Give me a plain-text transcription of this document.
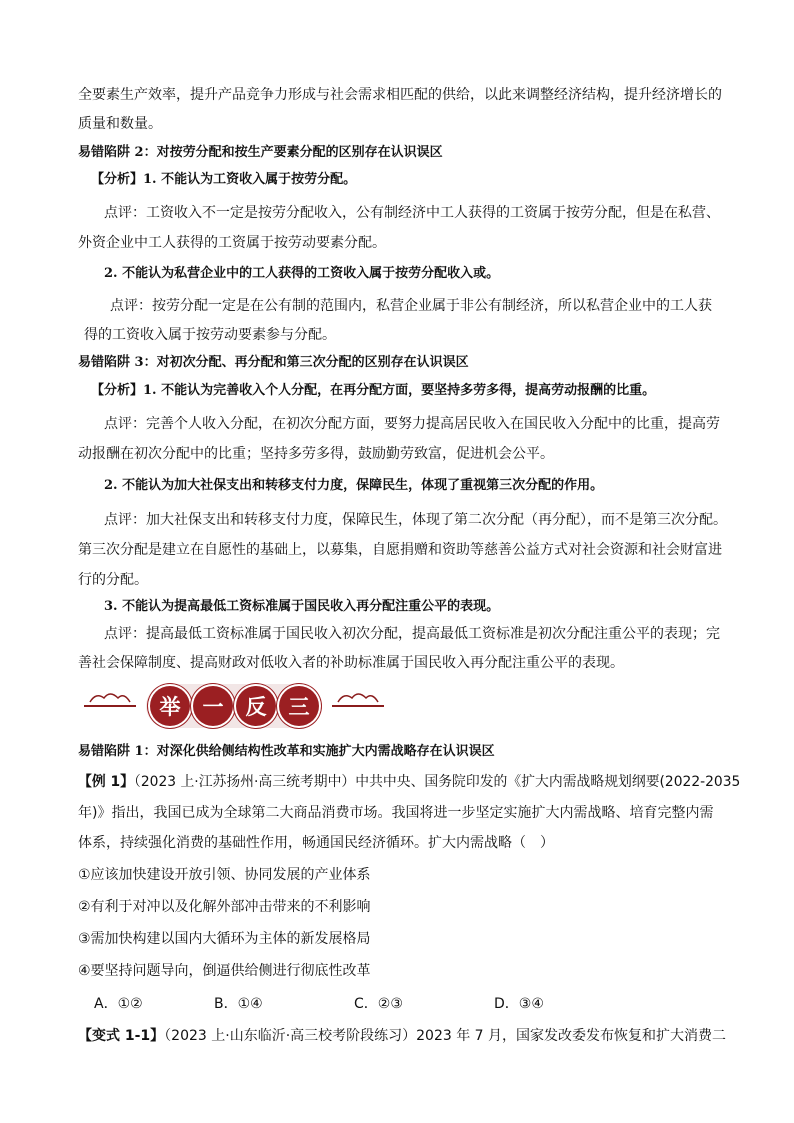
全要素生产效率，提升产品竞争力形成与社会需求相匹配的供给，以此来调整经济结构，提升经济增长的
质量和数量。
易错陷阱 2：对按劳分配和按生产要素分配的区别存在认识误区
【分析】1. 不能认为工资收入属于按劳分配。
点评：工资收入不一定是按劳分配收入，公有制经济中工人获得的工资属于按劳分配，但是在私营、
外资企业中工人获得的工资属于按劳动要素分配。
2. 不能认为私营企业中的工人获得的工资收入属于按劳分配收入或。
点评：按劳分配一定是在公有制的范围内，私营企业属于非公有制经济，所以私营企业中的工人获
得的工资收入属于按劳动要素参与分配。
易错陷阱 3：对初次分配、再分配和第三次分配的区别存在认识误区
【分析】1. 不能认为完善收入个人分配，在再分配方面，要坚持多劳多得，提高劳动报酬的比重。
点评：完善个人收入分配，在初次分配方面，要努力提高居民收入在国民收入分配中的比重，提高劳
动报酬在初次分配中的比重；坚持多劳多得，鼓励勤劳致富，促进机会公平。
2. 不能认为加大社保支出和转移支付力度，保障民生，体现了重视第三次分配的作用。
点评：加大社保支出和转移支付力度，保障民生，体现了第二次分配（再分配），而不是第三次分配。
第三次分配是建立在自愿性的基础上，以募集，自愿捐赠和资助等慈善公益方式对社会资源和社会财富进
行的分配。
3. 不能认为提高最低工资标准属于国民收入再分配注重公平的表现。
点评：提高最低工资标准属于国民收入初次分配，提高最低工资标准是初次分配注重公平的表现；完
善社会保障制度、提高财政对低收入者的补助标准属于国民收入再分配注重公平的表现。
举	一	反	三
易错陷阱 1：对深化供给侧结构性改革和实施扩大内需战略存在认识误区
【例 1】（2023 上·江苏扬州·高三统考期中）中共中央、国务院印发的《扩大内需战略规划纲要(2022-2035
年)》指出，我国已成为全球第二大商品消费市场。我国将进一步坚定实施扩大内需战略、培育完整内需
体系，持续强化消费的基础性作用，畅通国民经济循环。扩大内需战略（　）
①应该加快建设开放引领、协同发展的产业体系
②有利于对冲以及化解外部冲击带来的不利影响
③需加快构建以国内大循环为主体的新发展格局
④要坚持问题导向，倒逼供给侧进行彻底性改革
A．①②	B．①④	C．②③	D．③④
【变式 1-1】（2023 上·山东临沂·高三校考阶段练习）2023 年 7 月，国家发改委发布恢复和扩大消费二
